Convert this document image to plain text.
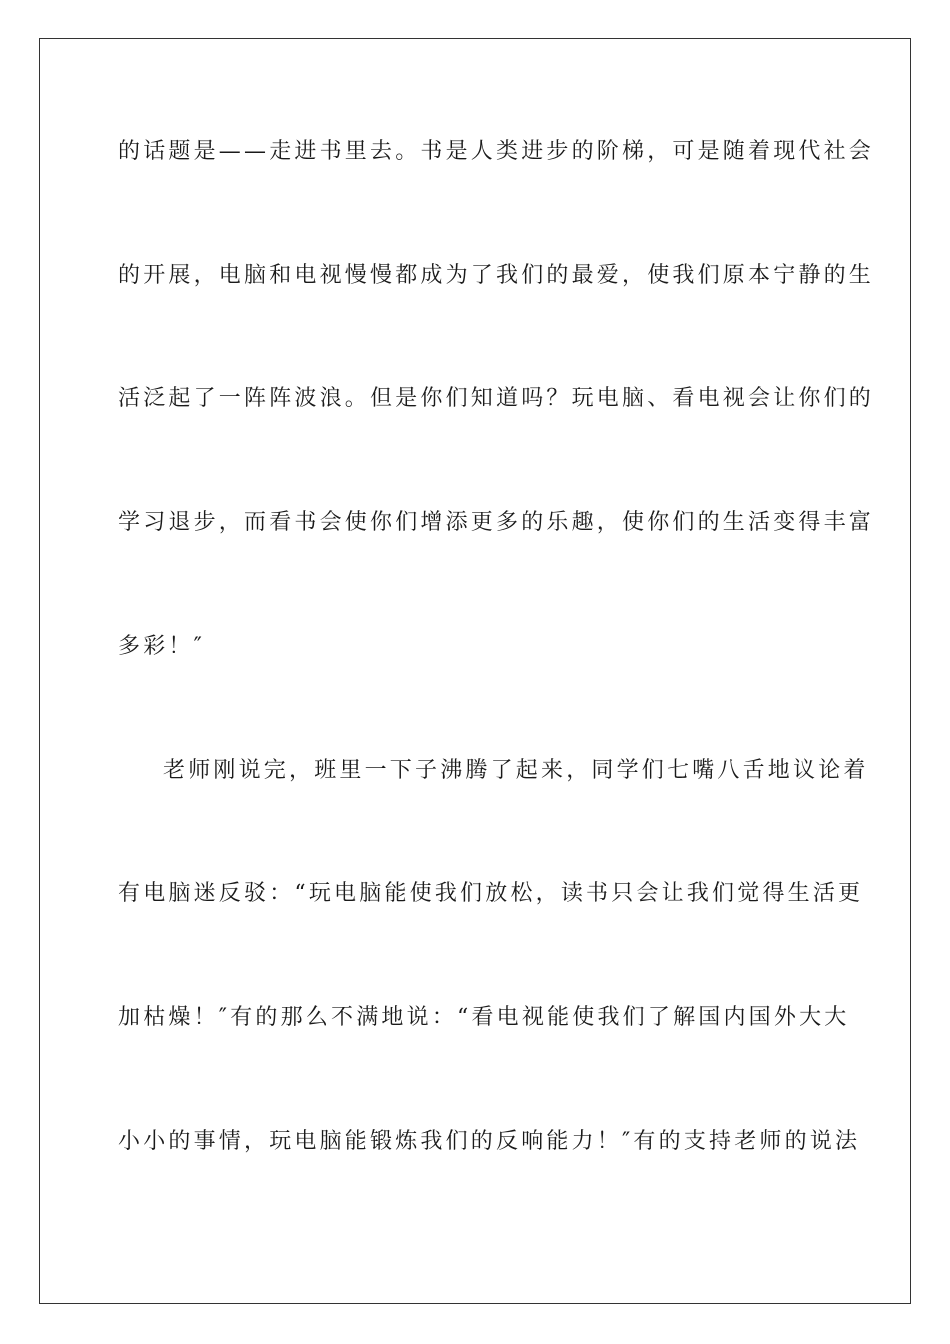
的话题是——走进书里去。书是人类进步的阶梯，可是随着现代社会
的开展，电脑和电视慢慢都成为了我们的最爱，使我们原本宁静的生
活泛起了一阵阵波浪。但是你们知道吗？玩电脑、看电视会让你们的
学习退步，而看书会使你们增添更多的乐趣，使你们的生活变得丰富
多彩！″
老师刚说完，班里一下子沸腾了起来，同学们七嘴八舌地议论着
有电脑迷反驳：“玩电脑能使我们放松，读书只会让我们觉得生活更
加枯燥！″有的那么不满地说：“看电视能使我们了解国内国外大大
小小的事情，玩电脑能锻炼我们的反响能力！″有的支持老师的说法
